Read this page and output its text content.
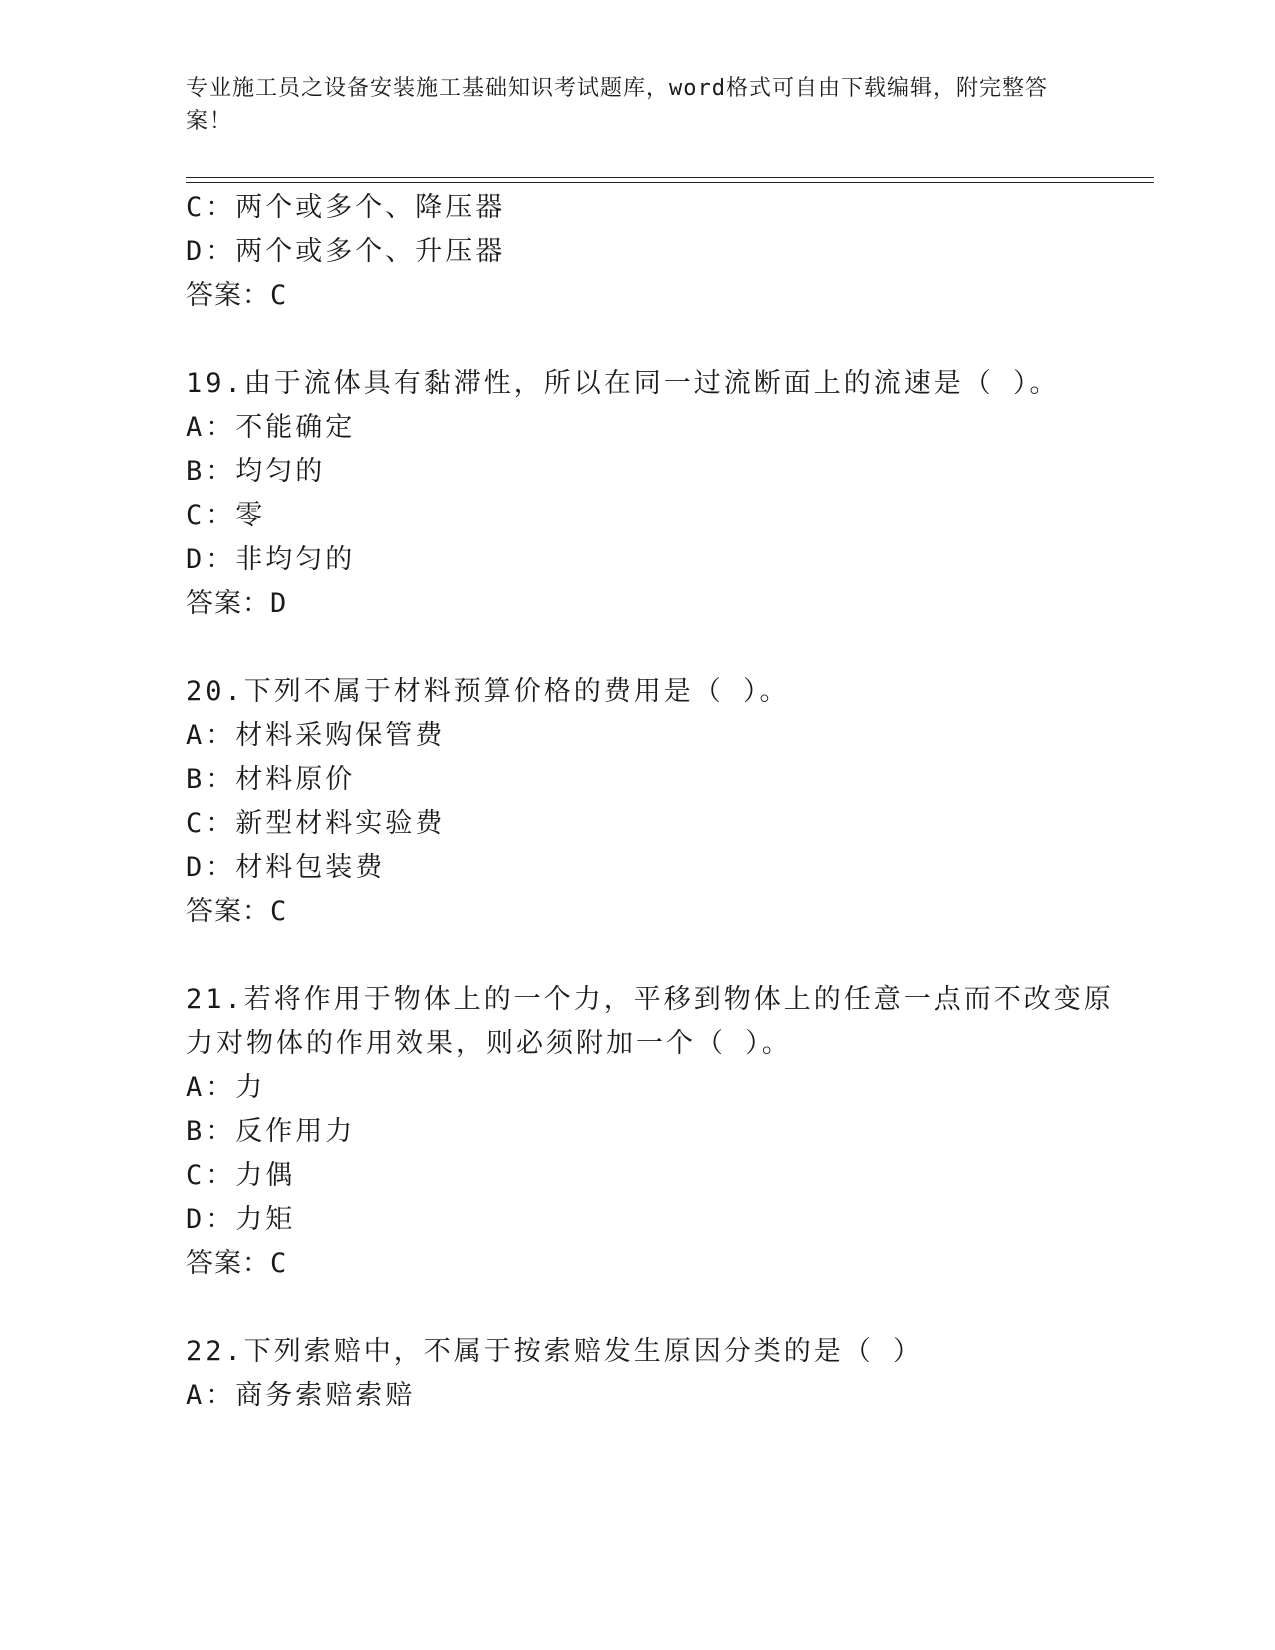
专业施工员之设备安装施工基础知识考试题库，word格式可自由下载编辑，附完整答案！
C：两个或多个、降压器
D：两个或多个、升压器
答案：C
19.由于流体具有黏滞性，所以在同一过流断面上的流速是（ ）。
A：不能确定
B：均匀的
C：零
D：非均匀的
答案：D
20.下列不属于材料预算价格的费用是（ ）。
A：材料采购保管费
B：材料原价
C：新型材料实验费
D：材料包装费
答案：C
21.若将作用于物体上的一个力，平移到物体上的任意一点而不改变原
力对物体的作用效果，则必须附加一个（ ）。
A：力
B：反作用力
C：力偶
D：力矩
答案：C
22.下列索赔中，不属于按索赔发生原因分类的是（ ）
A：商务索赔索赔
